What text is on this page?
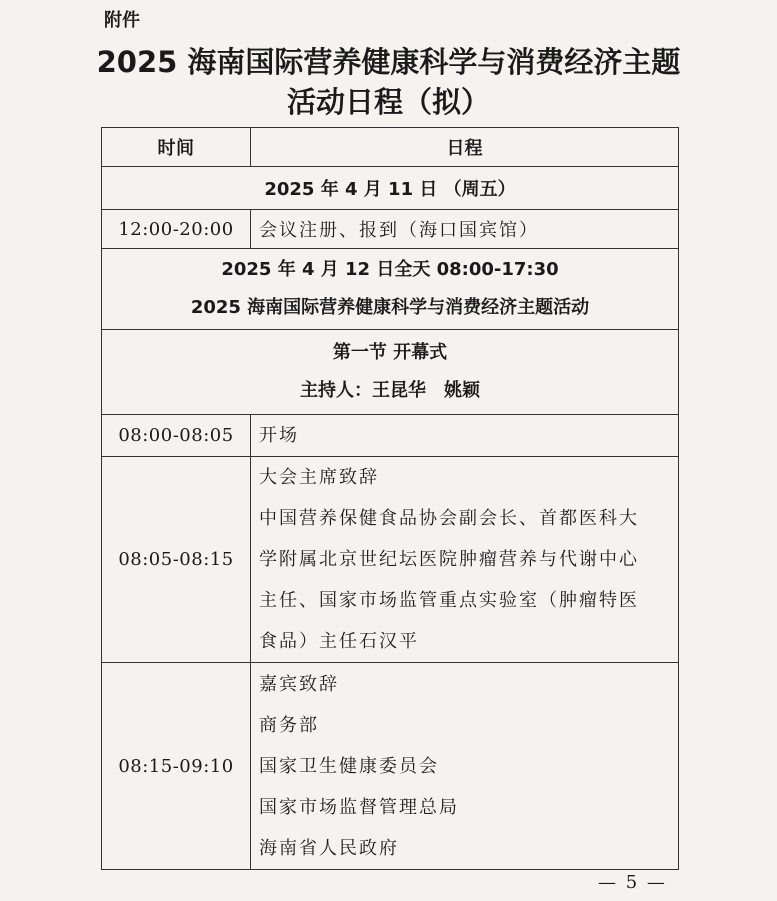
附件
2025 海南国际营养健康科学与消费经济主题
活动日程（拟）
时间	日程
2025 年 4 月 11 日 （周五）	
12:00-20:00	会议注册、报到（海口国宾馆）

2025 年 4 月 12 日全天 08:00-17:30
2025 海南国际营养健康科学与消费经济主题活动	

第一节 开幕式
主持人：王昆华　姚颖	

08:00-08:05	开场

08:05-08:15	大会主席致辞
中国营养保健食品协会副会长、首都医科大
学附属北京世纪坛医院肿瘤营养与代谢中心
主任、国家市场监管重点实验室（肿瘤特医
食品）主任石汉平

08:15-09:10	嘉宾致辞
商务部
国家卫生健康委员会
国家市场监督管理总局
海南省人民政府
— 5 —
